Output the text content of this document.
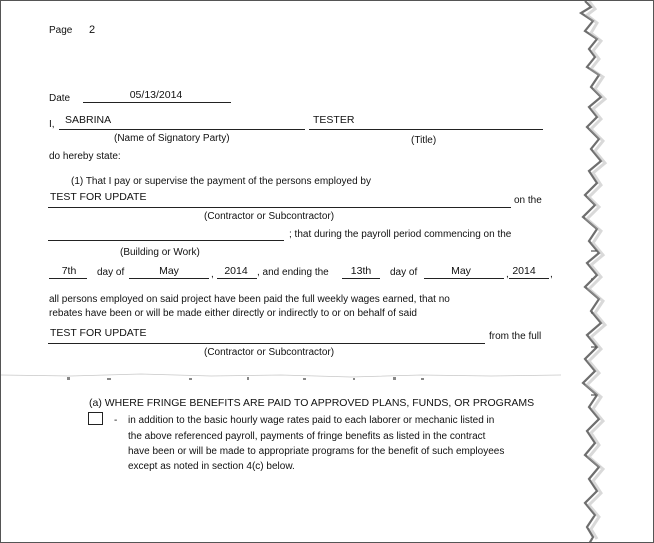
Page 2
Date	05/13/2014
I, SABRINA	TESTER
(Name of Signatory Party)	(Title)
do hereby state:
(1) That I pay or supervise the payment of the persons employed by
TEST FOR UPDATE	on the
(Contractor or Subcontractor)
; that during the payroll period commencing on the
(Building or Work)
7th	day of	May	,	2014 , and ending the	13th	day of	May	, 2014	,
all persons employed on said project have been paid the full weekly wages earned, that no
rebates have been or will be made either directly or indirectly to or on behalf of said
TEST FOR UPDATE	from the full
(Contractor or Subcontractor)
(a) WHERE FRINGE BENEFITS ARE PAID TO APPROVED PLANS, FUNDS, OR PROGRAMS
- in addition to the basic hourly wage rates paid to each laborer or mechanic listed in
the above referenced payroll, payments of fringe benefits as listed in the contract
have been or will be made to appropriate programs for the benefit of such employees
except as noted in section 4(c) below.
